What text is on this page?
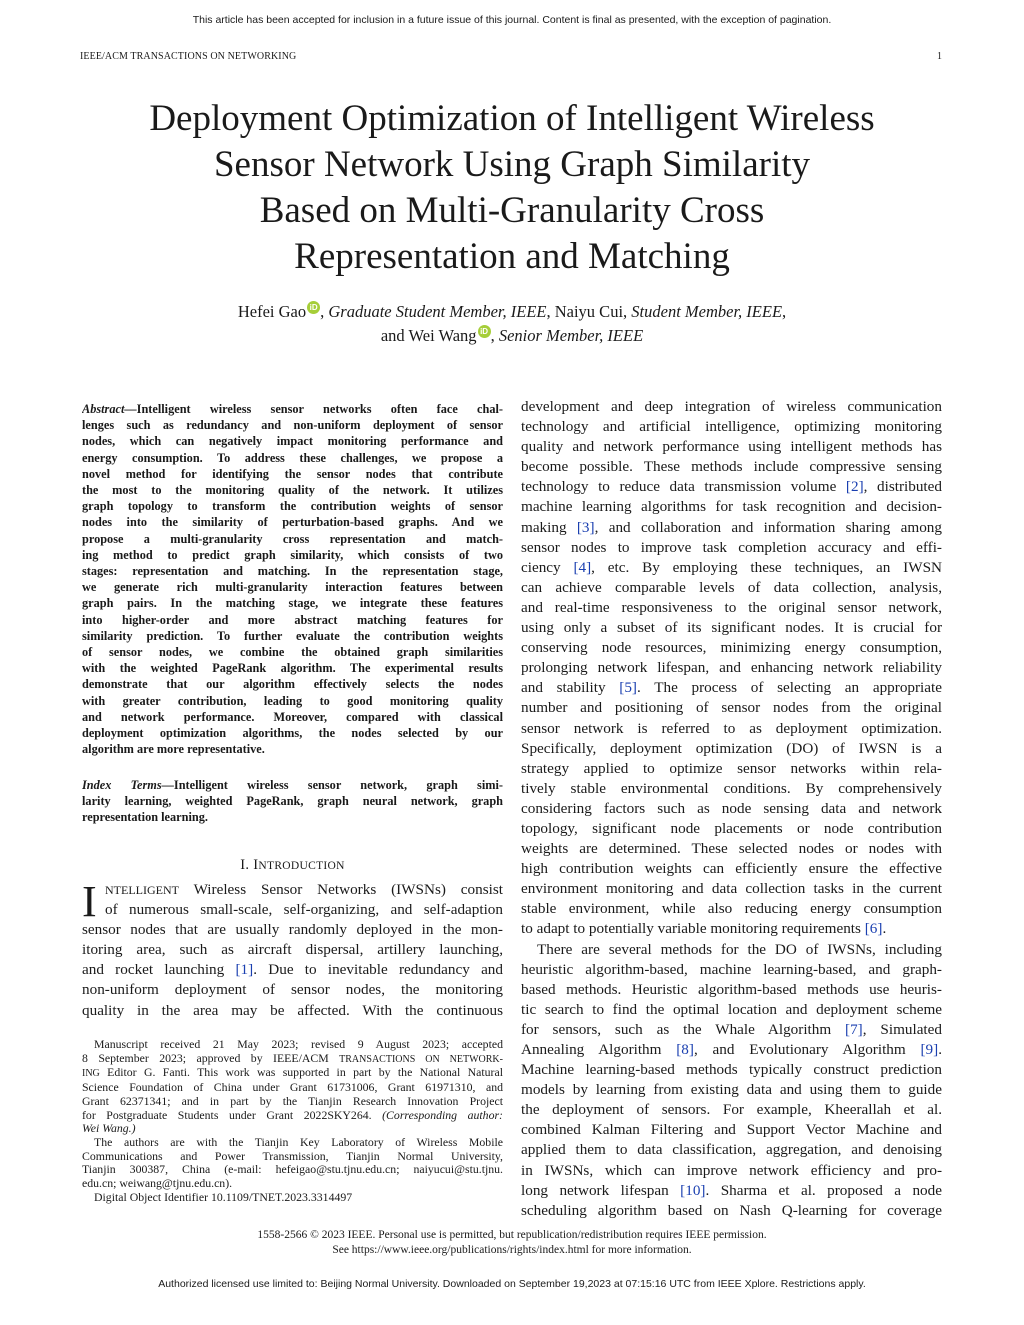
This article has been accepted for inclusion in a future issue of this journal. Content is final as presented, with the exception of pagination.
IEEE/ACM TRANSACTIONS ON NETWORKING	1
Deployment Optimization of Intelligent Wireless
Sensor Network Using Graph Similarity
Based on Multi-Granularity Cross
Representation and Matching
Hefei Gao iD , Graduate Student Member, IEEE, Naiyu Cui, Student Member, IEEE,
and Wei Wang iD , Senior Member, IEEE
Abstract—Intelligent wireless sensor networks often face chal-
lenges such as redundancy and non-uniform deployment of sensor
nodes, which can negatively impact monitoring performance and
energy consumption. To address these challenges, we propose a
novel method for identifying the sensor nodes that contribute
the most to the monitoring quality of the network. It utilizes
graph topology to transform the contribution weights of sensor
nodes into the similarity of perturbation-based graphs. And we
propose a multi-granularity cross representation and match-
ing method to predict graph similarity, which consists of two
stages: representation and matching. In the representation stage,
we generate rich multi-granularity interaction features between
graph pairs. In the matching stage, we integrate these features
into higher-order and more abstract matching features for
similarity prediction. To further evaluate the contribution weights
of sensor nodes, we combine the obtained graph similarities
with the weighted PageRank algorithm. The experimental results
demonstrate that our algorithm effectively selects the nodes
with greater contribution, leading to good monitoring quality
and network performance. Moreover, compared with classical
deployment optimization algorithms, the nodes selected by our
algorithm are more representative.
Index Terms—Intelligent wireless sensor network, graph simi-
larity learning, weighted PageRank, graph neural network, graph
representation learning.
I. INTRODUCTION
I NTELLIGENT Wireless Sensor Networks (IWSNs) consist
of numerous small-scale, self-organizing, and self-adaption
sensor nodes that are usually randomly deployed in the mon-
itoring area, such as aircraft dispersal, artillery launching,
and rocket launching [1]. Due to inevitable redundancy and
non-uniform deployment of sensor nodes, the monitoring
quality in the area may be affected. With the continuous
Manuscript received 21 May 2023; revised 9 August 2023; accepted
8 September 2023; approved by IEEE/ACM TRANSACTIONS ON NETWORK-
ING Editor G. Fanti. This work was supported in part by the National Natural
Science Foundation of China under Grant 61731006, Grant 61971310, and
Grant 62371341; and in part by the Tianjin Research Innovation Project
for Postgraduate Students under Grant 2022SKY264. (Corresponding author:
Wei Wang.)
The authors are with the Tianjin Key Laboratory of Wireless Mobile
Communications and Power Transmission, Tianjin Normal University,
Tianjin 300387, China (e-mail: hefeigao@stu.tjnu.edu.cn; naiyucui@stu.tjnu.
edu.cn; weiwang@tjnu.edu.cn).
Digital Object Identifier 10.1109/TNET.2023.3314497
development and deep integration of wireless communication
technology and artificial intelligence, optimizing monitoring
quality and network performance using intelligent methods has
become possible. These methods include compressive sensing
technology to reduce data transmission volume [2], distributed
machine learning algorithms for task recognition and decision-
making [3], and collaboration and information sharing among
sensor nodes to improve task completion accuracy and effi-
ciency [4], etc. By employing these techniques, an IWSN
can achieve comparable levels of data collection, analysis,
and real-time responsiveness to the original sensor network,
using only a subset of its significant nodes. It is crucial for
conserving node resources, minimizing energy consumption,
prolonging network lifespan, and enhancing network reliability
and stability [5]. The process of selecting an appropriate
number and positioning of sensor nodes from the original
sensor network is referred to as deployment optimization.
Specifically, deployment optimization (DO) of IWSN is a
strategy applied to optimize sensor networks within rela-
tively stable environmental conditions. By comprehensively
considering factors such as node sensing data and network
topology, significant node placements or node contribution
weights are determined. These selected nodes or nodes with
high contribution weights can efficiently ensure the effective
environment monitoring and data collection tasks in the current
stable environment, while also reducing energy consumption
to adapt to potentially variable monitoring requirements [6].
There are several methods for the DO of IWSNs, including
heuristic algorithm-based, machine learning-based, and graph-
based methods. Heuristic algorithm-based methods use heuris-
tic search to find the optimal location and deployment scheme
for sensors, such as the Whale Algorithm [7], Simulated
Annealing Algorithm [8], and Evolutionary Algorithm [9].
Machine learning-based methods typically construct prediction
models by learning from existing data and using them to guide
the deployment of sensors. For example, Kheerallah et al.
combined Kalman Filtering and Support Vector Machine and
applied them to data classification, aggregation, and denoising
in IWSNs, which can improve network efficiency and pro-
long network lifespan [10]. Sharma et al. proposed a node
scheduling algorithm based on Nash Q-learning for coverage
1558-2566 © 2023 IEEE. Personal use is permitted, but republication/redistribution requires IEEE permission.
See https://www.ieee.org/publications/rights/index.html for more information.
Authorized licensed use limited to: Beijing Normal University. Downloaded on September 19,2023 at 07:15:16 UTC from IEEE Xplore. Restrictions apply.
